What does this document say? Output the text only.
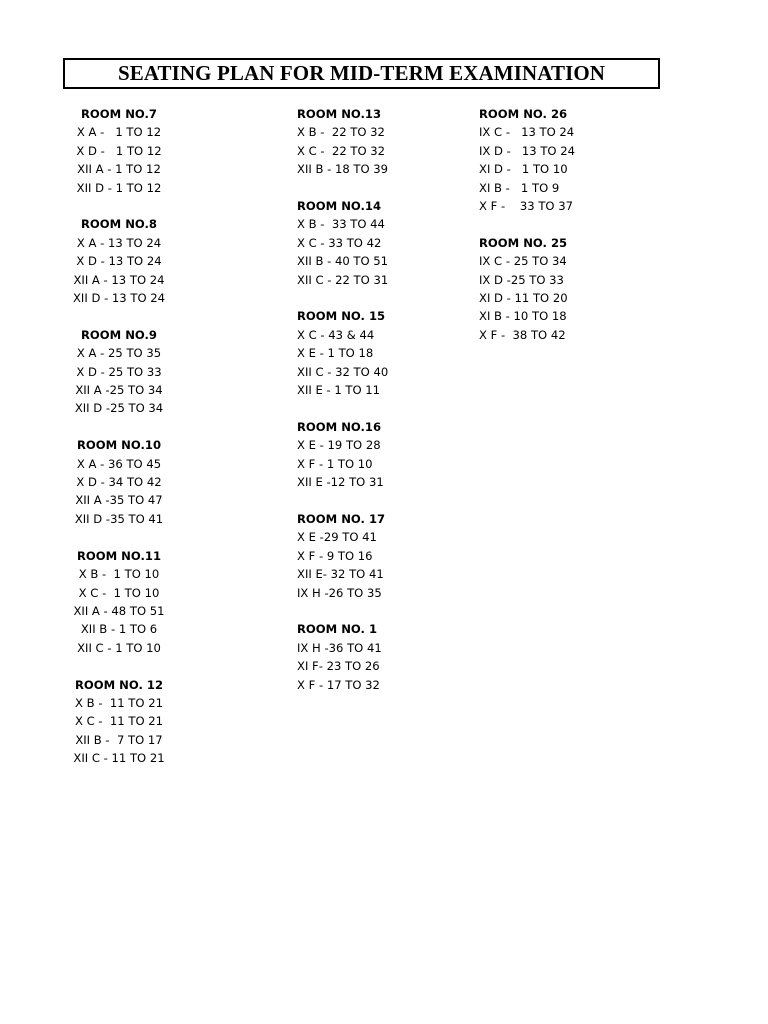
SEATING PLAN FOR MID-TERM EXAMINATION
ROOM NO.7
X A -   1 TO 12
X D -   1 TO 12
XII A - 1 TO 12
XII D - 1 TO 12
ROOM NO.8
X A - 13 TO 24
X D - 13 TO 24
XII A - 13 TO 24
XII D - 13 TO 24
ROOM NO.9
X A - 25 TO 35
X D - 25 TO 33
XII A -25 TO 34
XII D -25 TO 34
ROOM NO.10
X A - 36 TO 45
X D - 34 TO 42
XII A -35 TO 47
XII D -35 TO 41
ROOM NO.11
X B -  1 TO 10
X C -  1 TO 10
XII A - 48 TO 51
XII B - 1 TO 6
XII C - 1 TO 10
ROOM NO. 12
X B -  11 TO 21
X C -  11 TO 21
XII B -  7 TO 17
XII C - 11 TO 21
ROOM NO.13
X B -  22 TO 32
X C -  22 TO 32
XII B - 18 TO 39
ROOM NO.14
X B -  33 TO 44
X C - 33 TO 42
XII B - 40 TO 51
XII C - 22 TO 31
ROOM NO. 15
X C - 43 & 44
X E - 1 TO 18
XII C - 32 TO 40
XII E - 1 TO 11
ROOM NO.16
X E - 19 TO 28
X F - 1 TO 10
XII E -12 TO 31
ROOM NO. 17
X E -29 TO 41
X F - 9 TO 16
XII E- 32 TO 41
IX H -26 TO 35
ROOM NO. 1
IX H -36 TO 41
XI F- 23 TO 26
X F - 17 TO 32
ROOM NO. 26
IX C -   13 TO 24
IX D -   13 TO 24
XI D -   1 TO 10
XI B -   1 TO 9
X F -    33 TO 37
ROOM NO. 25
IX C - 25 TO 34
IX D -25 TO 33
XI D - 11 TO 20
XI B - 10 TO 18
X F -  38 TO 42
